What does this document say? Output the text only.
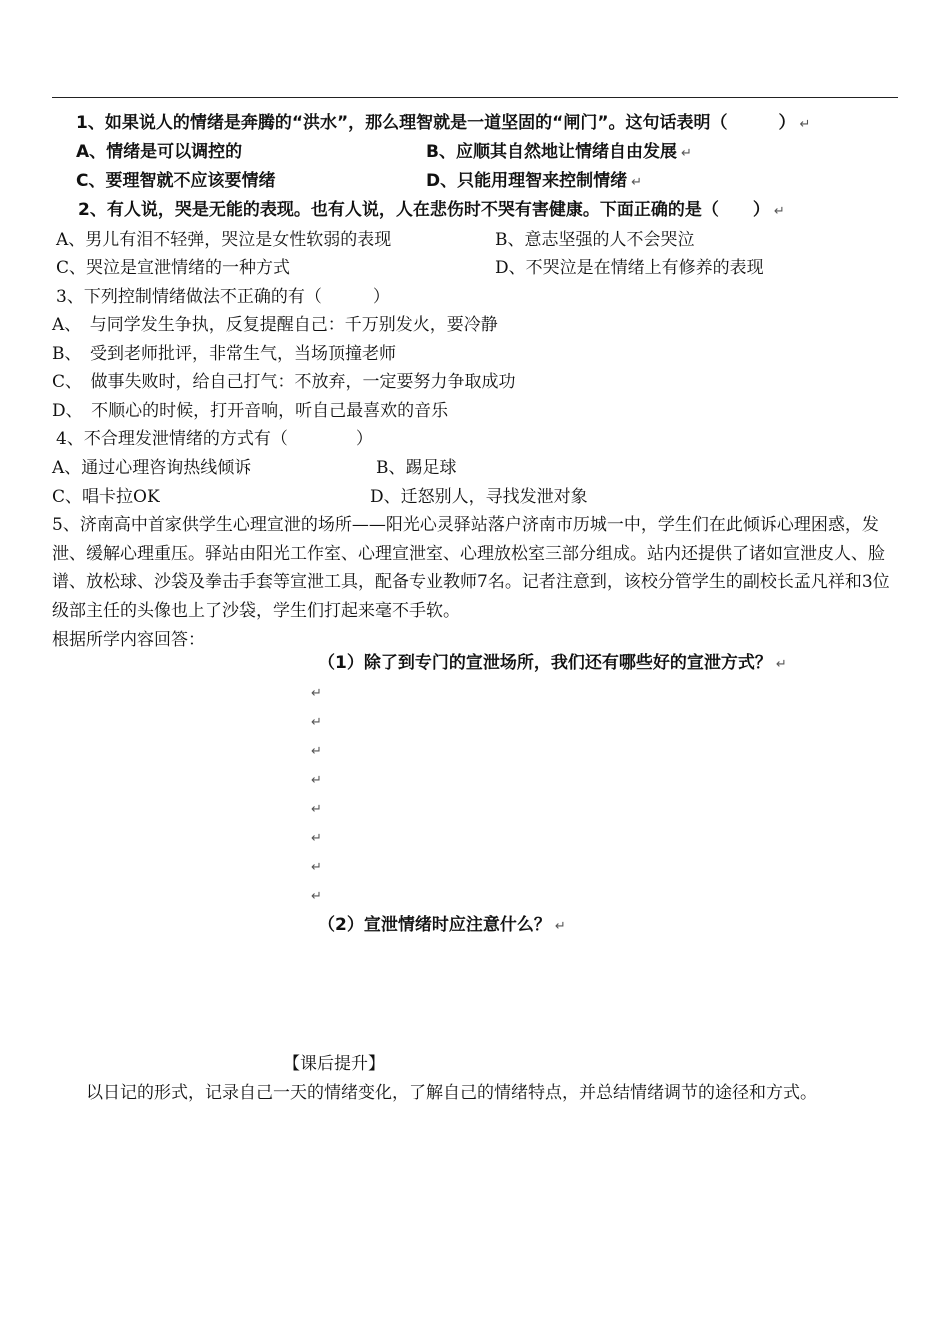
1、如果说人的情绪是奔腾的“洪水”，那么理智就是一道坚固的“闸门”。这句话表明（　　　） ↵
A、情绪是可以调控的	B、应顺其自然地让情绪自由发展 ↵
C、要理智就不应该要情绪	D、只能用理智来控制情绪 ↵
2、有人说，哭是无能的表现。也有人说，人在悲伤时不哭有害健康。下面正确的是（　　） ↵
A、男儿有泪不轻弹，哭泣是女性软弱的表现	B、意志坚强的人不会哭泣
C、哭泣是宣泄情绪的一种方式	D、不哭泣是在情绪上有修养的表现
3、下列控制情绪做法不正确的有（　　　）
A、　与同学发生争执，反复提醒自己：千万别发火，要冷静
B、　受到老师批评，非常生气，当场顶撞老师
C、　做事失败时，给自己打气：不放弃，一定要努力争取成功
D、　不顺心的时候，打开音响，听自己最喜欢的音乐
4、不合理发泄情绪的方式有（　　　　）
A、通过心理咨询热线倾诉	B、踢足球
C、唱卡拉OK	D、迁怒别人，寻找发泄对象
5、济南高中首家供学生心理宣泄的场所——阳光心灵驿站落户济南市历城一中，学生们在此倾诉心理困惑，发泄、缓解心理重压。驿站由阳光工作室、心理宣泄室、心理放松室三部分组成。站内还提供了诸如宣泄皮人、脸谱、放松球、沙袋及拳击手套等宣泄工具，配备专业教师7名。记者注意到，该校分管学生的副校长孟凡祥和3位级部主任的头像也上了沙袋，学生们打起来毫不手软。
根据所学内容回答：
（1）除了到专门的宣泄场所，我们还有哪些好的宣泄方式？ ↵
↵
↵
↵
↵
↵
↵
↵
↵
（2）宣泄情绪时应注意什么？ ↵
【课后提升】
以日记的形式，记录自己一天的情绪变化，了解自己的情绪特点，并总结情绪调节的途径和方式。
